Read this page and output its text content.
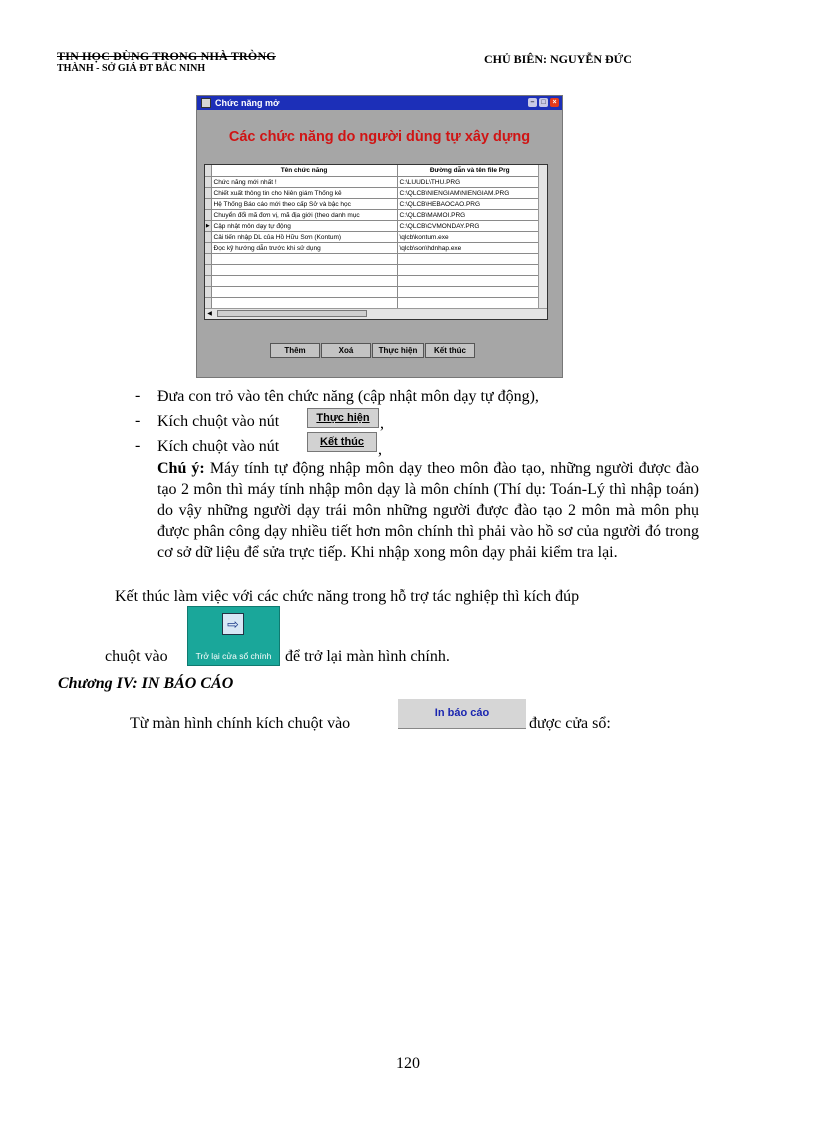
TIN HỌC DÙNG TRONG NHÀ TRÒNG
THÀNH - SỞ GIÁ ĐT BẮC NINH
CHỦ BIÊN: NGUYỄN ĐỨC
Chức năng mở	– □ ×
Các chức năng do người dùng tự xây dựng
	Tên chức năng	Đường dẫn và tên file Prg
	Chức năng mới nhất !	C:\LUUDL\THU.PRG
	Chiết xuất thông tin cho Niên giám Thống kê	C:\QLCB\NIENGIAM\NIENGIAM.PRG
	Hệ Thống Báo cáo mới theo cấp Sở và bậc học	C:\QLCB\HEBAOCAO.PRG
	Chuyển đổi mã đơn vị, mã địa giới (theo danh mục	C:\QLCB\MAMOI.PRG
▶	Cập nhật môn dạy tự động	C:\QLCB\CVMONDAY.PRG
	Cải tiến nhập DL của Hồ Hữu Sơn (Kontum)	\qlcb\kontum.exe
	Đọc kỹ hướng dẫn trước khi sử dụng	\qlcb\son\hdnhap.exe

◀
Thêm	Xoá	Thực hiện	Kết thúc
- Đưa con trỏ vào tên chức năng (cập nhật môn dạy tự động),
- Kích chuột vào nút	Thực hiện ,
- Kích chuột vào nút	Kết thúc ,
Chú ý: Máy tính tự động nhập môn dạy theo môn đào tạo, những người được đào tạo 2 môn thì máy tính nhập môn dạy là môn chính (Thí dụ: Toán-Lý thì nhập toán) do vậy những người dạy trái môn những người được đào tạo 2 môn mà môn phụ được phân công dạy nhiều tiết hơn môn chính thì phải vào hồ sơ của người đó trong cơ sở dữ liệu để sửa trực tiếp. Khi nhập xong môn dạy phải kiểm tra lại.
Kết thúc làm việc với các chức năng trong hỗ trợ tác nghiệp thì kích đúp
chuột vào
⇨
Trở lại cửa sổ chính để trở lại màn hình chính.
Chương IV: IN BÁO CÁO
Từ màn hình chính kích chuột vào
In báo cáo
được cửa sổ:
120
